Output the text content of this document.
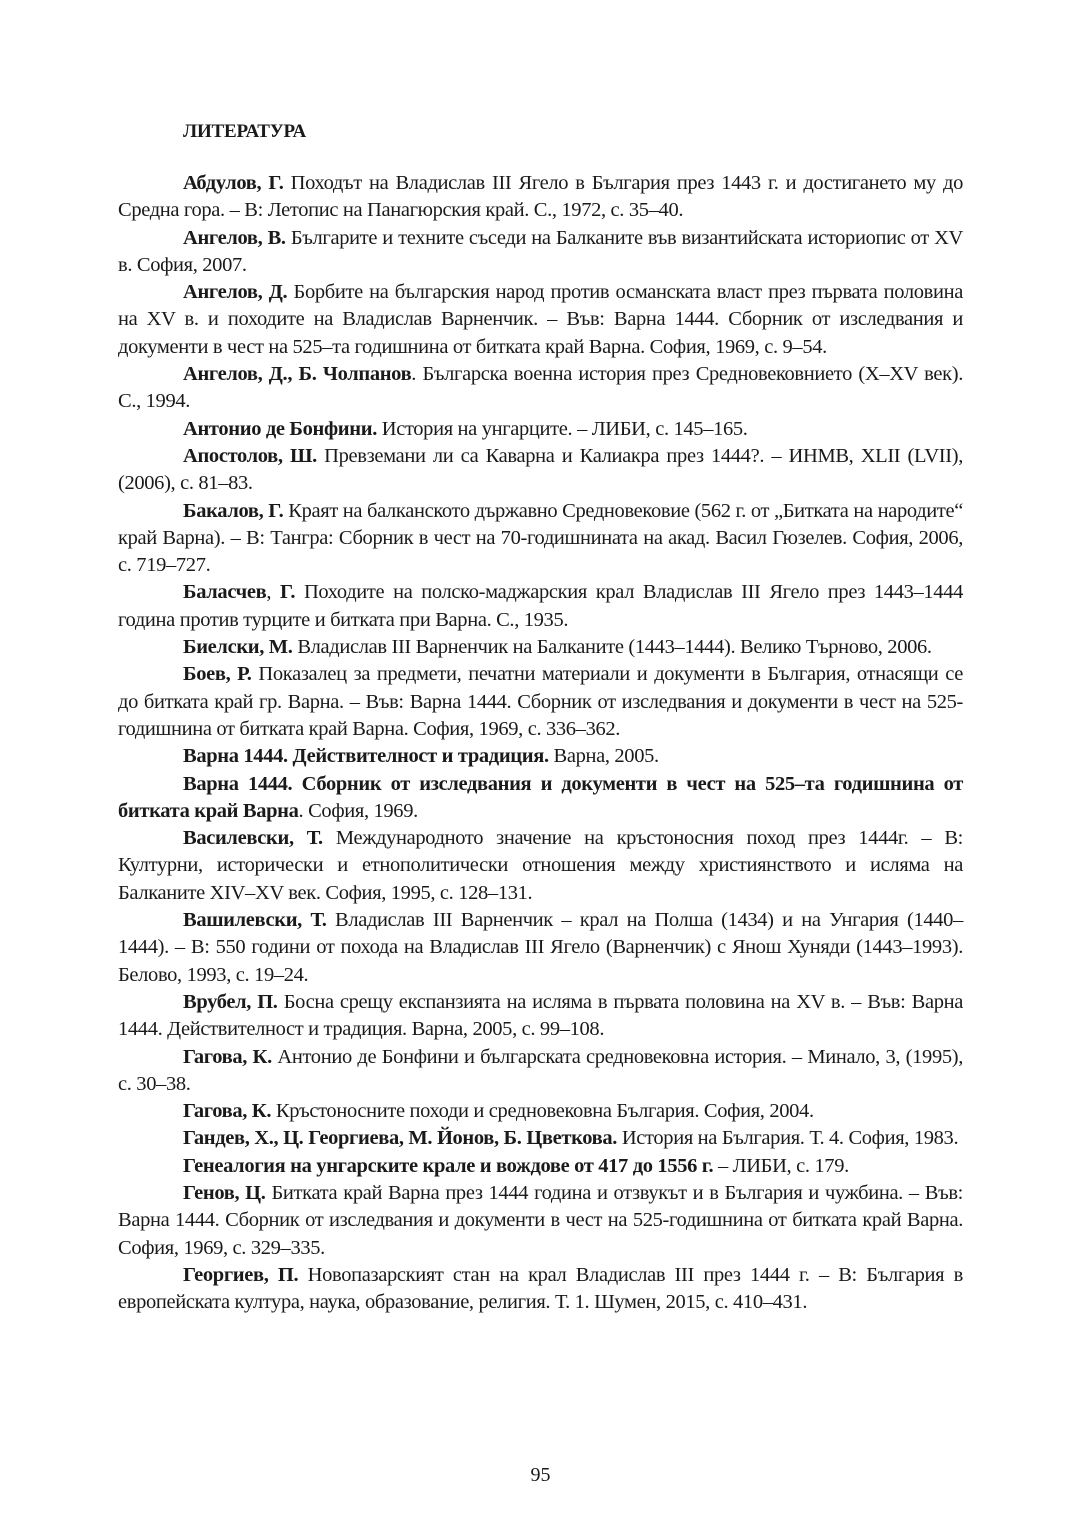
ЛИТЕРАТУРА
Абдулов, Г. Походът на Владислав III Ягело в България през 1443 г. и достигането му до Средна гора. – В: Летопис на Панагюрския край. С., 1972, с. 35–40.
Ангелов, В. Българите и техните съседи на Балканите във византийската историопис от XV в. София, 2007.
Ангелов, Д. Борбите на българския народ против османската власт през първата половина на XV в. и походите на Владислав Варненчик. – Във: Варна 1444. Сборник от изследвания и документи в чест на 525–та годишнина от битката край Варна. София, 1969, с. 9–54.
Ангелов, Д., Б. Чолпанов. Българска военна история през Средновековнието (X–XV век). С., 1994.
Антонио де Бонфини. История на унгарците. – ЛИБИ, с. 145–165.
Апостолов, Ш. Превземани ли са Каварна и Калиакра през 1444?. – ИНМВ, XLII (LVII), (2006), с. 81–83.
Бакалов, Г. Краят на балканското държавно Средновековие (562 г. от „Битката на народите“ край Варна). – В: Тангра: Сборник в чест на 70-годишнината на акад. Васил Гюзелев. София, 2006, с. 719–727.
Баласчев, Г. Походите на полско-маджарския крал Владислав III Ягело през 1443–1444 година против турците и битката при Варна. С., 1935.
Биелски, М. Владислав III Варненчик на Балканите (1443–1444). Велико Търново, 2006.
Боев, Р. Показалец за предмети, печатни материали и документи в България, отнасящи се до битката край гр. Варна. – Във: Варна 1444. Сборник от изследвания и документи в чест на 525-годишнина от битката край Варна. София, 1969, с. 336–362.
Варна 1444. Действителност и традиция. Варна, 2005.
Варна 1444. Сборник от изследвания и документи в чест на 525–та годишнина от битката край Варна. София, 1969.
Василевски, Т. Международното значение на кръстоносния поход през 1444г. – В: Културни, исторически и етнополитически отношения между християнството и исляма на Балканите XIV–XV век. София, 1995, с. 128–131.
Вашилевски, Т. Владислав III Варненчик – крал на Полша (1434) и на Унгария (1440–1444). – В: 550 години от похода на Владислав III Ягело (Варненчик) с Янош Хуняди (1443–1993). Белово, 1993, с. 19–24.
Врубел, П. Босна срещу експанзията на исляма в първата половина на XV в. – Във: Варна 1444. Действителност и традиция. Варна, 2005, с. 99–108.
Гагова, К. Антонио де Бонфини и българската средновековна история. – Минало, 3, (1995), с. 30–38.
Гагова, К. Кръстоносните походи и средновековна България. София, 2004.
Гандев, Х., Ц. Георгиева, М. Йонов, Б. Цветкова. История на България. Т. 4. София, 1983.
Генеалогия на унгарските крале и вождове от 417 до 1556 г. – ЛИБИ, с. 179.
Генов, Ц. Битката край Варна през 1444 година и отзвукът и в България и чужбина. – Във: Варна 1444. Сборник от изследвания и документи в чест на 525-годишнина от битката край Варна. София, 1969, с. 329–335.
Георгиев, П. Новопазарският стан на крал Владислав III през 1444 г. – В: България в европейската култура, наука, образование, религия. Т. 1. Шумен, 2015, с. 410–431.
95
